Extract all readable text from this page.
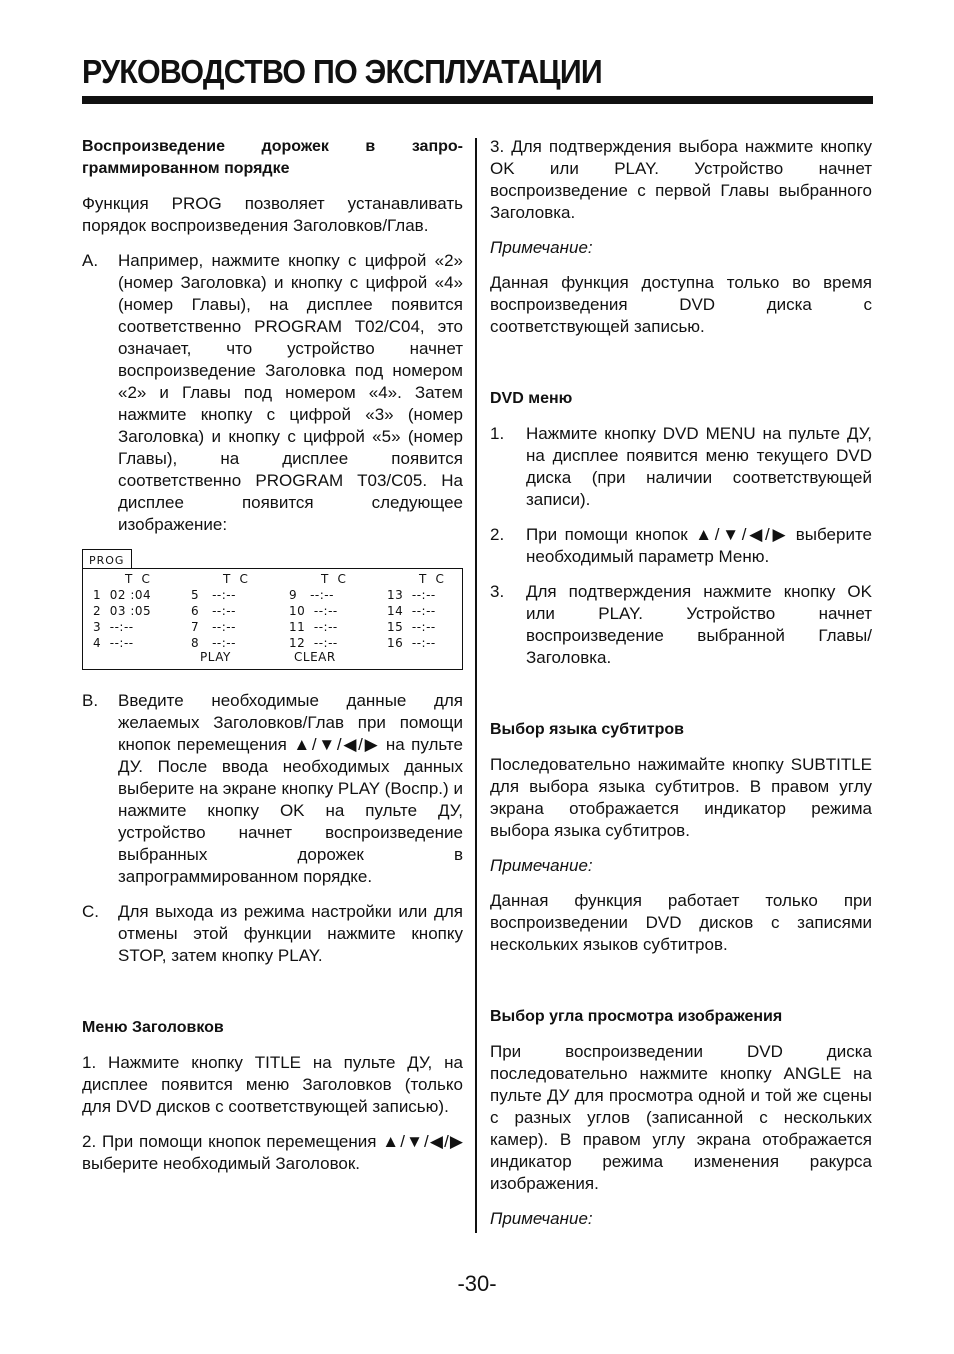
РУКОВОДСТВО ПО ЭКСПЛУАТАЦИИ
Воспроизведение дорожек в запро-граммированном порядке

Функция PROG позволяет устанавливать порядок воспроизведения Заголовков/Глав.

A.	Например, нажмите кнопку с цифрой «2» (номер Заголовка) и кнопку с цифрой «4» (номер Главы), на дисплее появится соответственно PROGRAM T02/C04, это означает, что устройство начнет воспроизведение Заголовка под номером «2» и Главы под номером «4». Затем нажмите кнопку с цифрой «3» (номер Заголовка) и кнопку с цифрой «5» (номер Главы), на дисплее появится соответственно PROGRAM T03/C05. На дисплее появится следующее изображение:
PROG
T  C	T  C	T  C	T  C
1  02 :04	5   --:--	9   --:--	13  --:--
2  03 :05	6   --:--	10  --:--	14  --:--
3  --:--	7   --:--	11  --:--	15  --:--
4  --:--	8   --:--	12  --:--	16  --:--
PLAY	CLEAR
B.	Введите необходимые данные для желаемых Заголовков/Глав при помощи кнопок перемещения ▲/▼/◀/▶ на пульте ДУ. После ввода необходимых данных выберите на экране кнопку PLAY (Воспр.) и нажмите кнопку OK на пульте ДУ, устройство начнет воспроизведение выбранных дорожек в запрограммированном порядке.
C.	Для выхода из режима настройки или для отмены этой функции нажмите кнопку STOP, затем кнопку PLAY.
Меню Заголовков

1. Нажмите кнопку TITLE на пульте ДУ, на дисплее появится меню Заголовков (только для DVD дисков с соответствующей записью).

2. При помощи кнопок перемещения ▲/▼/◀/▶ выберите необходимый Заголовок.

3. Для подтверждения выбора нажмите кнопку OK или PLAY. Устройство начнет воспроизведение с первой Главы выбранного Заголовка.

Примечание:

Данная функция доступна только во время воспроизведения DVD диска с соответствующей записью.

DVD меню
1.	Нажмите кнопку DVD MENU на пульте ДУ, на дисплее появится меню текущего DVD диска (при наличии соответствующей записи).
2.	При помощи кнопок ▲/▼/◀/▶ выберите необходимый параметр Меню.
3.	Для подтверждения нажмите кнопку OK или PLAY. Устройство начнет воспроизведение выбранной Главы/Заголовка.
Выбор языка субтитров

Последовательно нажимайте кнопку SUBTITLE для выбора языка субтитров. В правом углу экрана отображается индикатор режима выбора языка субтитров.

Примечание:

Данная функция работает только при воспроизведении DVD дисков с записями нескольких языков субтитров.

Выбор угла просмотра изображения

При воспроизведении DVD диска последовательно нажмите кнопку ANGLE на пульте ДУ для просмотра одной и той же сцены с разных углов (записанной с нескольких камер). В правом углу экрана отображается индикатор режима изменения ракурса изображения.

Примечание:

-30-
